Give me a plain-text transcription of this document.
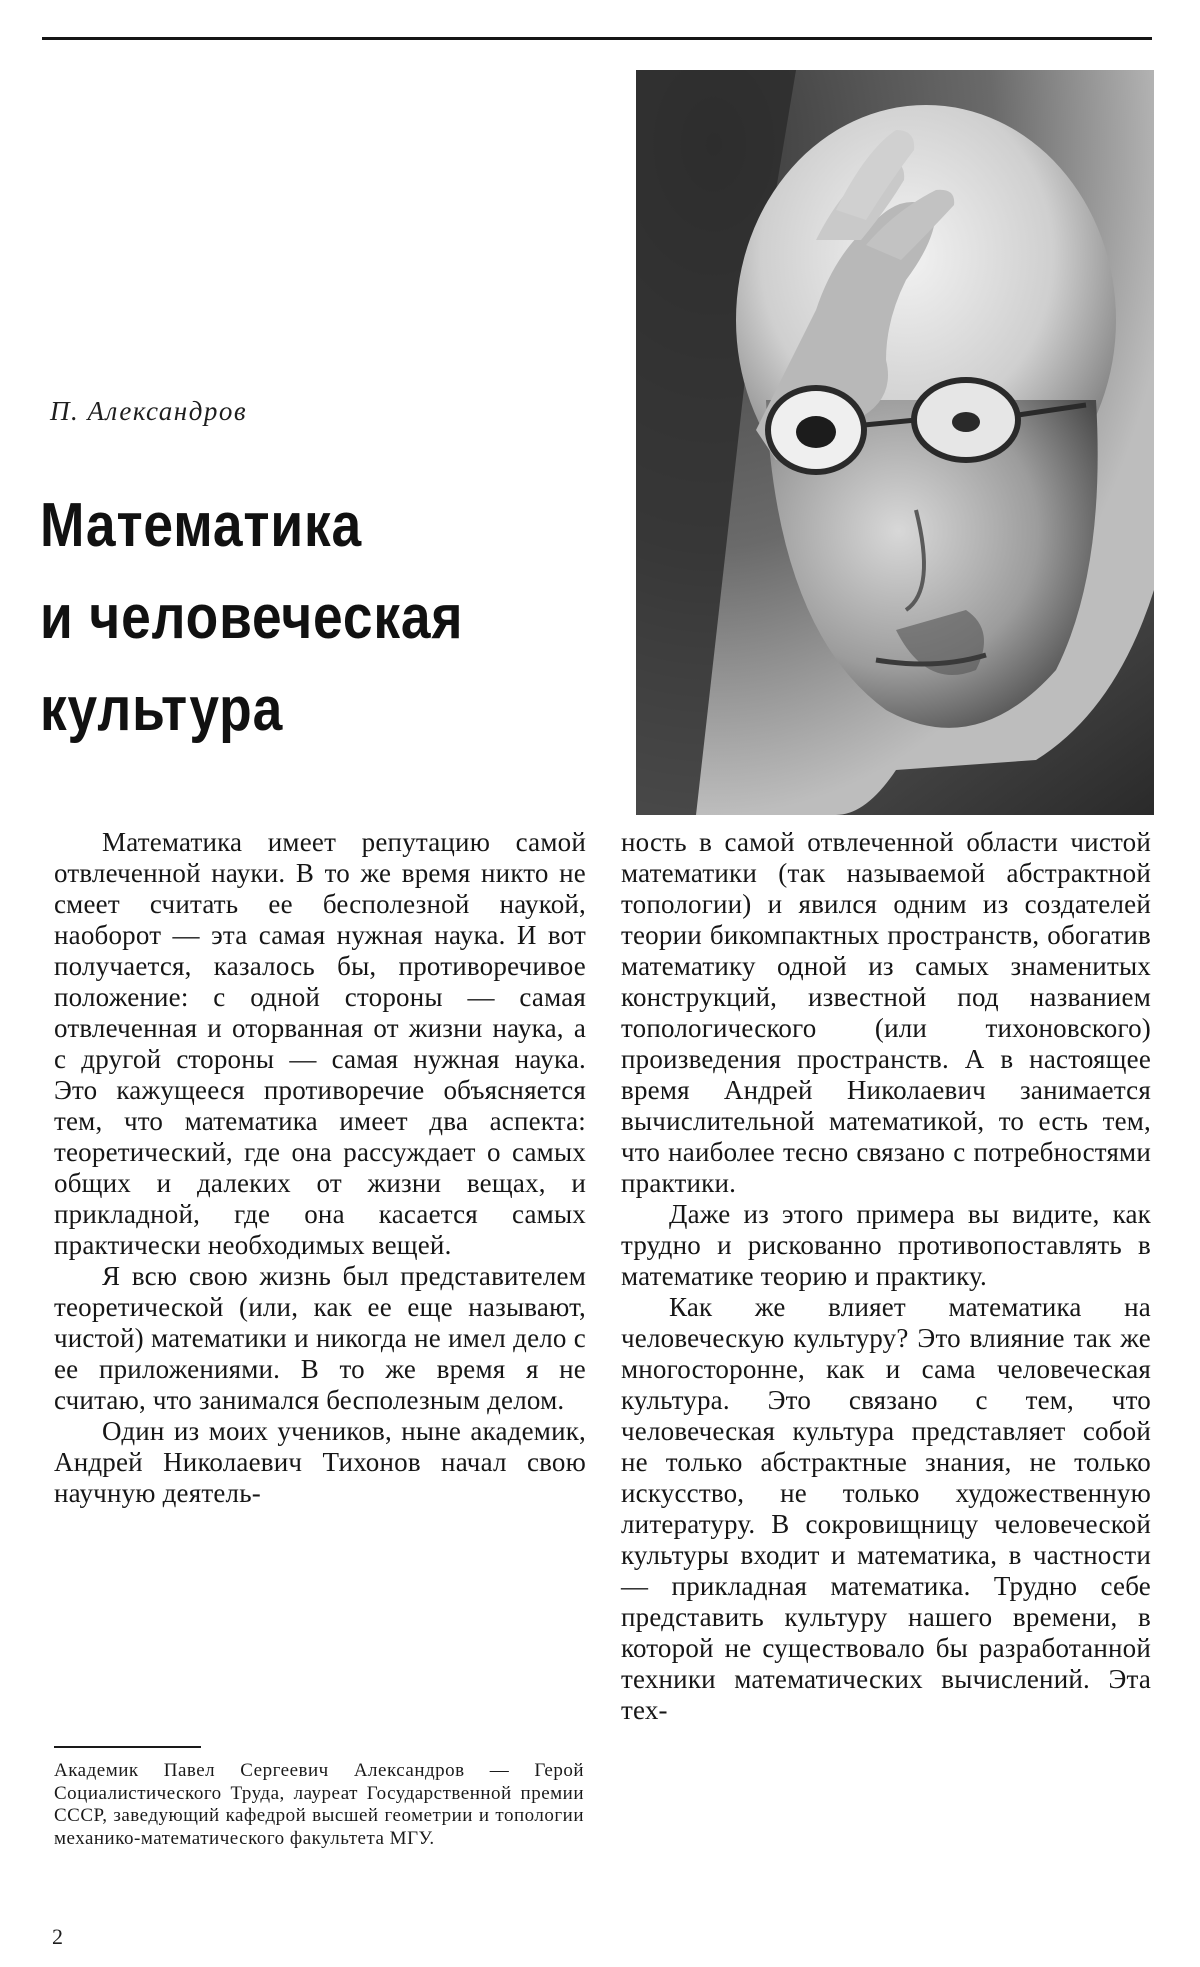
П. Александров
Математика
и человеческая
культура

Математика имеет репутацию самой отвлеченной науки. В то же время никто не смеет считать ее бесполезной наукой, наоборот — эта самая нужная наука. И вот получается, казалось бы, противоречивое положение: с одной стороны — самая отвлеченная и оторванная от жизни наука, а с другой стороны — самая нужная наука. Это кажущееся противоречие объясняется тем, что математика имеет два аспекта: теоретический, где она рассуждает о самых общих и далеких от жизни вещах, и прикладной, где она касается самых практически необходимых вещей.

Я всю свою жизнь был представителем теоретической (или, как ее еще называют, чистой) математики и никогда не имел дело с ее приложениями. В то же время я не считаю, что занимался бесполезным делом.

Один из моих учеников, ныне академик, Андрей Николаевич Тихонов начал свою научную деятель-

ность в самой отвлеченной области чистой математики (так называемой абстрактной топологии) и явился одним из создателей теории бикомпактных пространств, обогатив математику одной из самых знаменитых конструкций, известной под названием топологического (или тихоновского) произведения пространств. А в настоящее время Андрей Николаевич занимается вычислительной математикой, то есть тем, что наиболее тесно связано с потребностями практики.

Даже из этого примера вы видите, как трудно и рискованно противопоставлять в математике теорию и практику.

Как же влияет математика на человеческую культуру? Это влияние так же многосторонне, как и сама человеческая культура. Это связано с тем, что человеческая культура представляет собой не только абстрактные знания, не только искусство, не только художественную литературу. В сокровищницу человеческой культуры входит и математика, в частности — прикладная математика. Трудно себе представить культуру нашего времени, в которой не существовало бы разработанной техники математических вычислений. Эта тех-

Академик Павел Сергеевич Александров — Герой Социалистического Труда, лауреат Государственной премии СССР, заведующий кафедрой высшей геометрии и топологии механико-математического факультета МГУ.
2
